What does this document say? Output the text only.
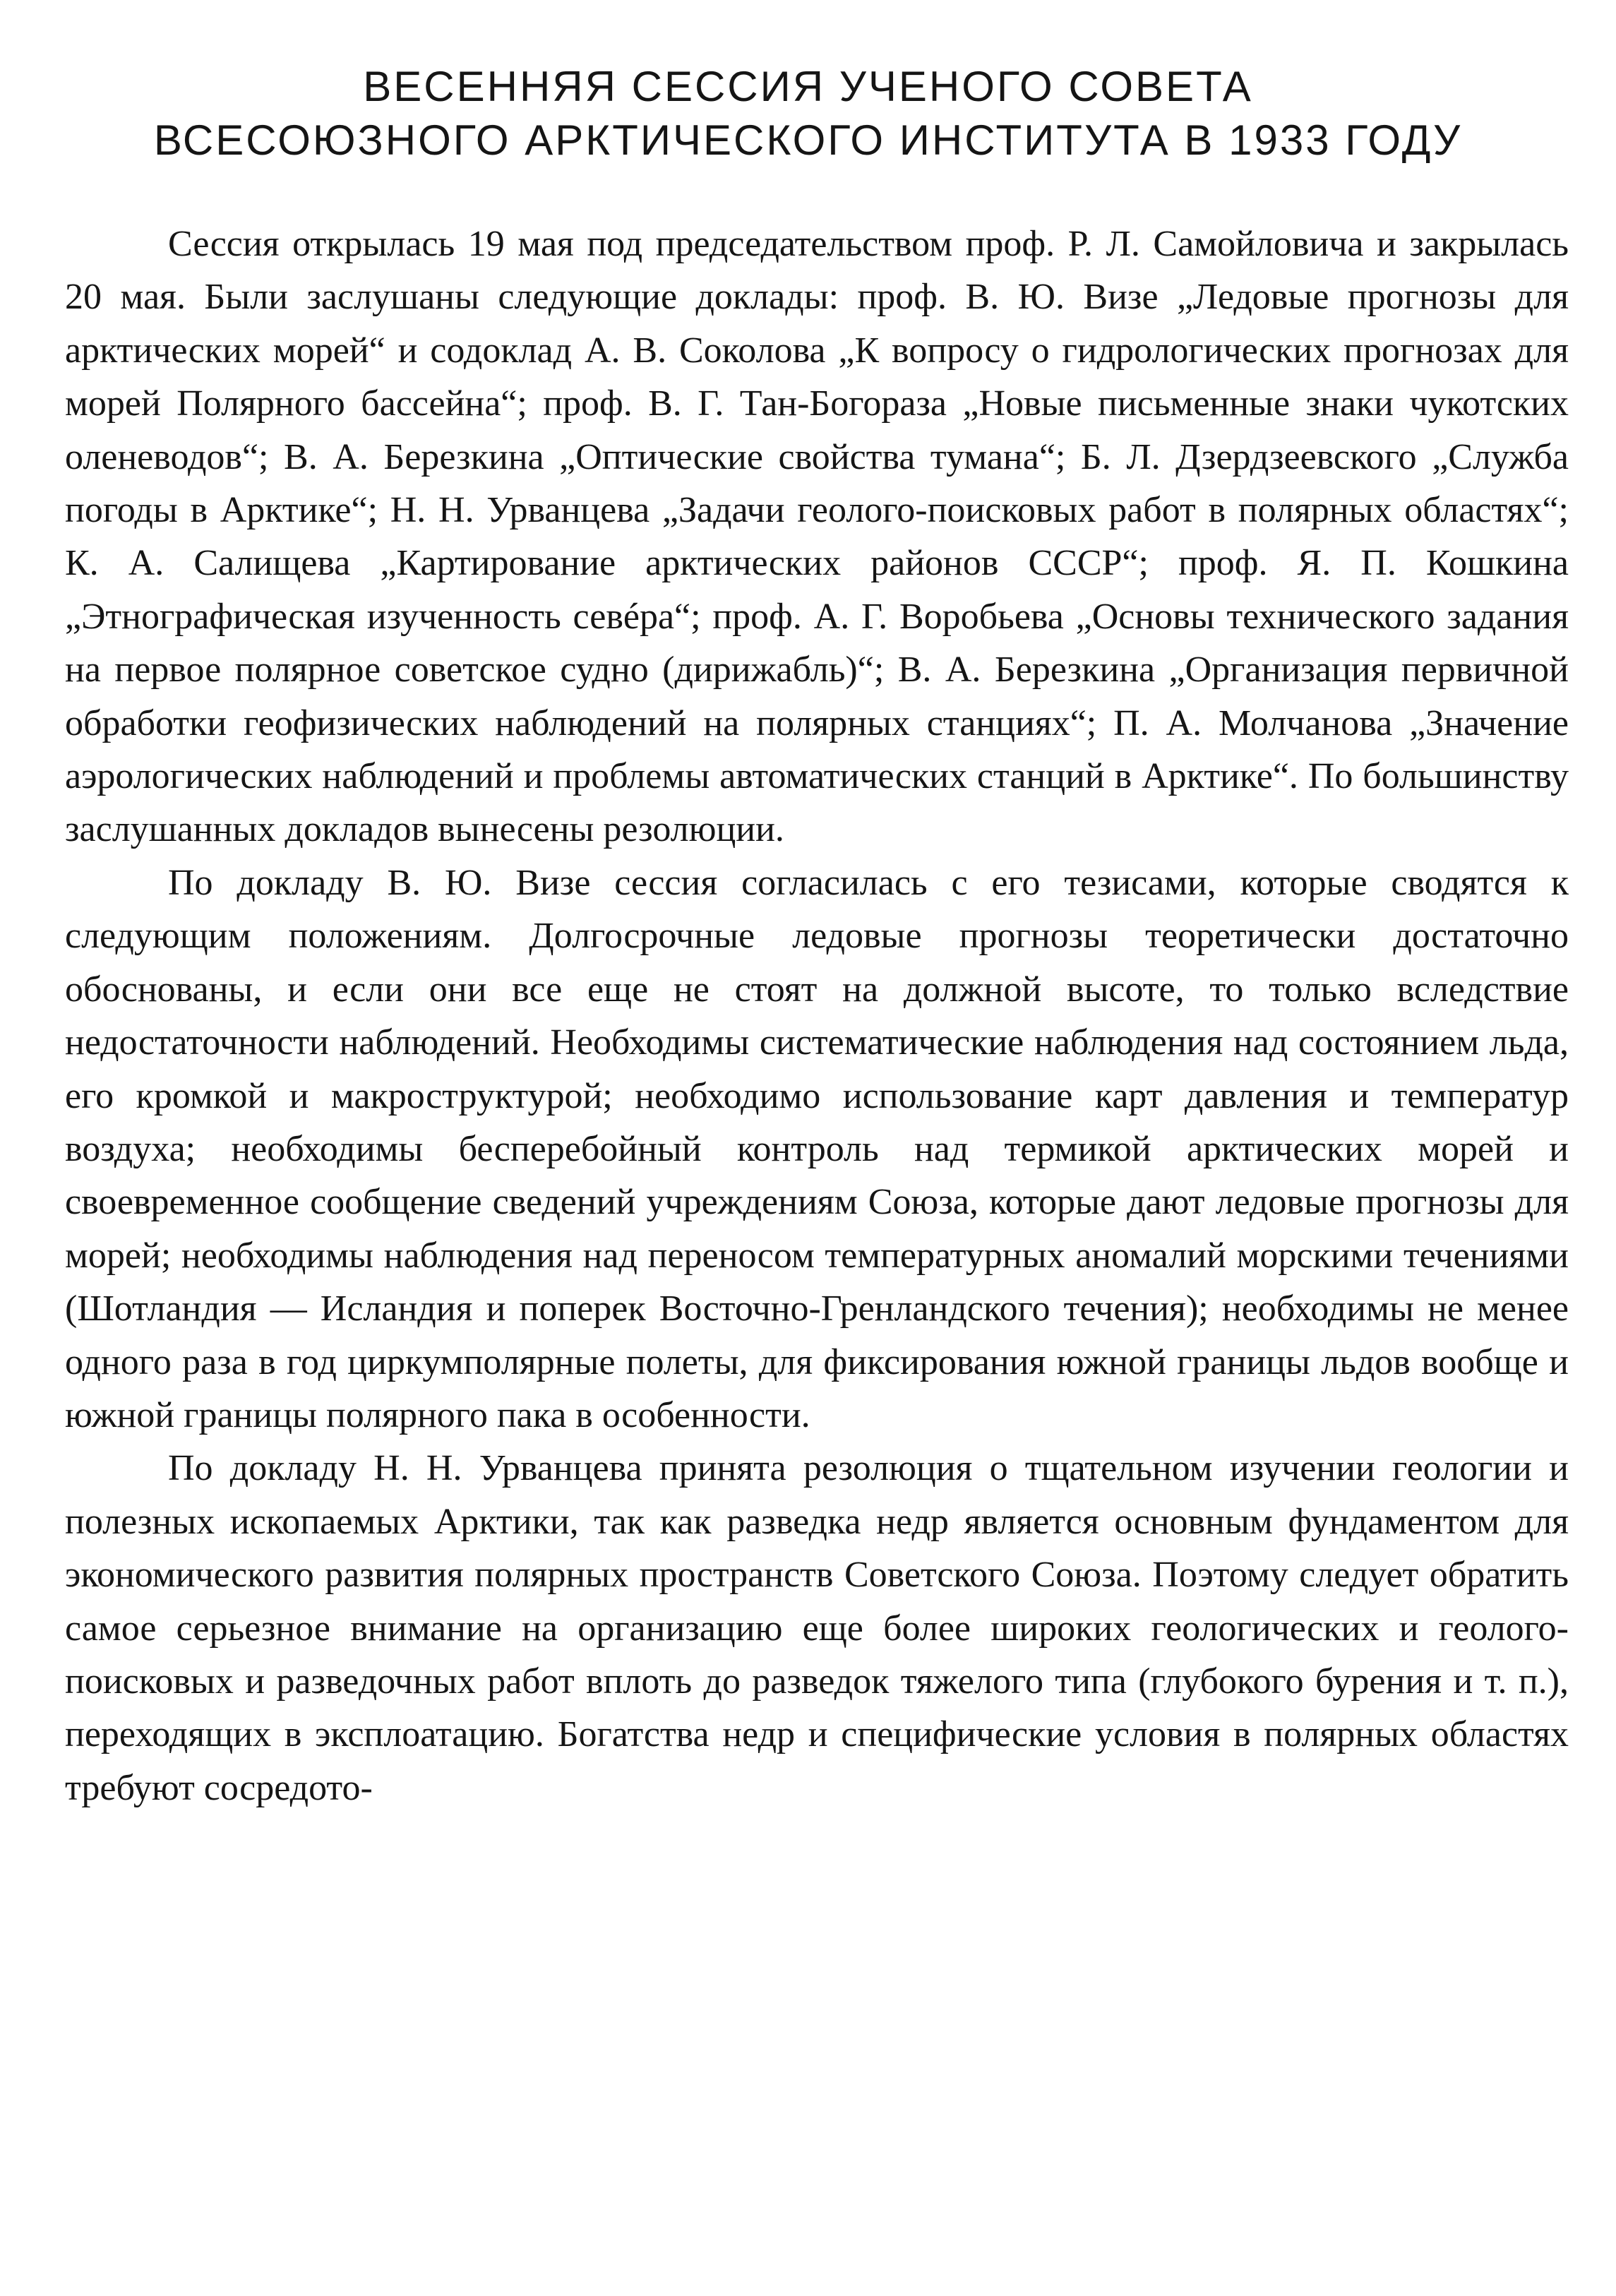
ВЕСЕННЯЯ СЕССИЯ УЧЕНОГО СОВЕТА
ВСЕСОЮЗНОГО АРКТИЧЕСКОГО ИНСТИТУТА В 1933 ГОДУ

Сессия открылась 19 мая под председательством проф. Р. Л. Самойловича и закрылась 20 мая. Были заслушаны следующие доклады: проф. В. Ю. Визе „Ледовые прогнозы для арктических морей“ и содоклад А. В. Соколова „К вопросу о гидрологических прогнозах для морей Полярного бассейна“; проф. В. Г. Тан-Богораза „Новые письменные знаки чукотских оленеводов“; В. А. Березкина „Оптические свойства тумана“; Б. Л. Дзердзеевского „Служба погоды в Арктике“; Н. Н. Урванцева „Задачи геолого-поисковых работ в полярных областях“; К. А. Салищева „Картирование арктических районов СССР“; проф. Я. П. Кошкина „Этнографическая изученность севéра“; проф. А. Г. Воробьева „Основы технического задания на первое полярное советское судно (дирижабль)“; В. А. Березкина „Организация первичной обработки геофизических наблюдений на полярных станциях“; П. А. Молчанова „Значение аэрологических наблюдений и проблемы автоматических станций в Арктике“. По большинству заслушанных докладов вынесены резолюции.

По докладу В. Ю. Визе сессия согласилась с его тезисами, которые сводятся к следующим положениям. Долгосрочные ледовые прогнозы теоретически достаточно обоснованы, и если они все еще не стоят на должной высоте, то только вследствие недостаточности наблюдений. Необходимы систематические наблюдения над состоянием льда, его кромкой и макроструктурой; необходимо использование карт давления и температур воздуха; необходимы бесперебойный контроль над термикой арктических морей и своевременное сообщение сведений учреждениям Союза, которые дают ледовые прогнозы для морей; необходимы наблюдения над переносом температурных аномалий морскими течениями (Шотландия — Исландия и поперек Восточно-Гренландского течения); необходимы не менее одного раза в год циркумполярные полеты, для фиксирования южной границы льдов вообще и южной границы полярного пака в особенности.

По докладу Н. Н. Урванцева принята резолюция о тщательном изучении геологии и полезных ископаемых Арктики, так как разведка недр является основным фундаментом для экономического развития полярных пространств Советского Союза. Поэтому следует обратить самое серьезное внимание на организацию еще более широких геологических и геолого-поисковых и разведочных работ вплоть до разведок тяжелого типа (глубокого бурения и т. п.), переходящих в эксплоатацию. Богатства недр и специфические условия в полярных областях требуют сосредото-
